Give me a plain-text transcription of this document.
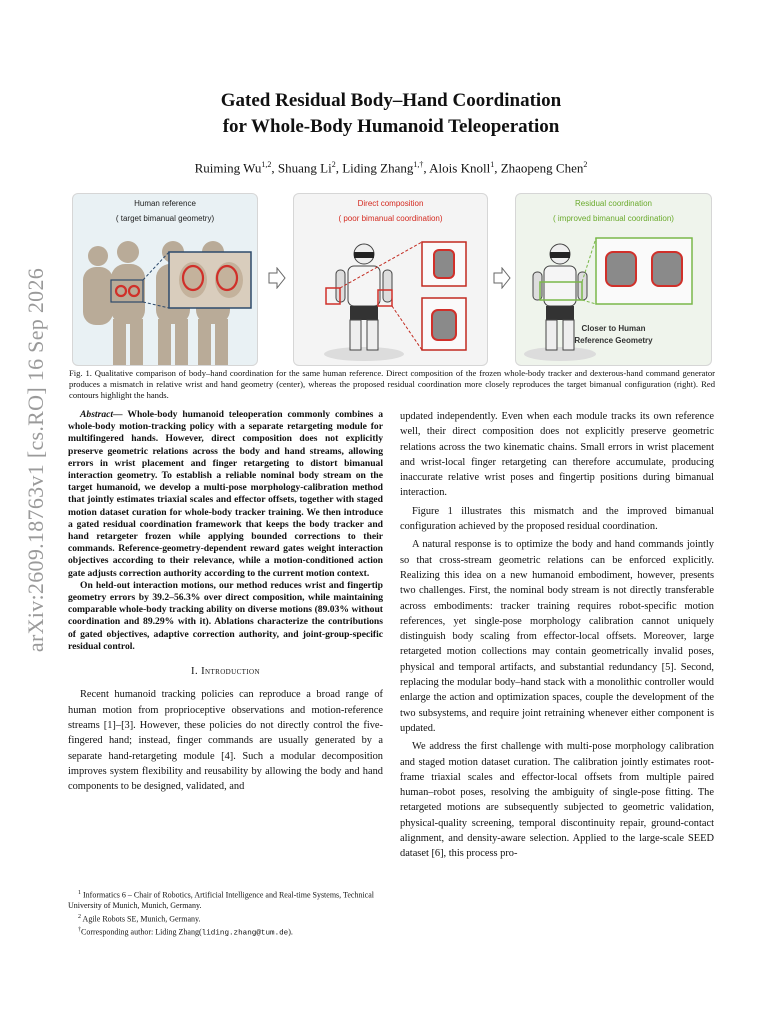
arXiv:2609.18763v1 [cs.RO] 16 Sep 2026
Gated Residual Body–Hand Coordination
for Whole-Body Humanoid Teleoperation
Ruiming Wu$^{1,2}$, Shuang Li$^2$, Liding Zhang$^{1,\dagger}$, Alois Knoll$^1$, Zhaopeng Chen$^2$
Human reference
( target bimanual geometry)
Direct composition
( poor bimanual coordination)
Residual coordination
( improved bimanual coordination)
Closer to Human
Reference Geometry
Fig. 1. Qualitative comparison of body–hand coordination for the same human reference. Direct composition of the frozen whole-body tracker and dexterous-hand command generator produces a mismatch in relative wrist and hand geometry (center), whereas the proposed residual coordination more closely reproduces the target bimanual configuration (right). Red contours highlight the hands.

Abstract— Whole-body humanoid teleoperation commonly combines a whole-body motion-tracking policy with a separate retargeting module for multifingered hands. However, direct composition does not explicitly preserve geometric relations across the body and hand streams, allowing errors in wrist placement and finger retargeting to distort bimanual interaction geometry. To establish a reliable nominal body stream on the target humanoid, we develop a multi-pose morphology-calibration method that jointly estimates triaxial scales and effector offsets, together with staged motion dataset curation for whole-body tracker training. We then introduce a gated residual coordination framework that keeps the body tracker and hand retargeter frozen while applying bounded corrections to their commands. Reference-geometry-dependent reward gates weight interaction objectives according to their relevance, while a motion-conditioned action gate adjusts correction authority according to the current motion context.

On held-out interaction motions, our method reduces wrist and fingertip geometry errors by 39.2–56.3% over direct composition, while maintaining comparable whole-body tracking ability on diverse motions (89.03% without coordination and 89.29% with it). Ablations characterize the contributions of gated objectives, adaptive correction authority, and joint-group-specific residual control.

I. Introduction

Recent humanoid tracking policies can reproduce a broad range of human motion from proprioceptive observations and motion-reference streams [1]–[3]. However, these policies do not directly control the five-fingered hand; instead, finger commands are usually generated by a separate hand-retargeting module [4]. Such a modular decomposition improves system flexibility and reusability by allowing the body and hand components to be designed, validated, and

$^1$ Informatics 6 – Chair of Robotics, Artificial Intelligence and Real-time Systems, Technical University of Munich, Munich, Germany.
$^2$ Agile Robots SE, Munich, Germany.
†Corresponding author: Liding Zhang(liding.zhang@tum.de).

updated independently. Even when each module tracks its own reference well, their direct composition does not explicitly preserve geometric relations across the two kinematic chains. Small errors in wrist placement and wrist-local finger retargeting can therefore accumulate, producing inaccurate relative wrist poses and fingertip positions during bimanual interaction.

Figure 1 illustrates this mismatch and the improved bimanual configuration achieved by the proposed residual coordination.

A natural response is to optimize the body and hand commands jointly so that cross-stream geometric relations can be enforced explicitly. Realizing this idea on a new humanoid embodiment, however, presents two challenges. First, the nominal body stream is not directly transferable across embodiments: tracker training requires robot-specific motion references, yet single-pose morphology calibration cannot uniquely distinguish body scaling from effector-local offsets. Moreover, large retargeted motion collections may contain geometrically invalid poses, physical and temporal artifacts, and substantial redundancy [5]. Second, replacing the modular body–hand stack with a monolithic controller would enlarge the action and optimization spaces, couple the development of the two subsystems, and require joint retraining whenever either component is updated.

We address the first challenge with multi-pose morphology calibration and staged motion dataset curation. The calibration jointly estimates root-frame triaxial scales and effector-local offsets from multiple paired human–robot poses, resolving the ambiguity of single-pose fitting. The retargeted motions are subsequently subjected to geometric validation, physical-quality screening, temporal discontinuity repair, ground-contact alignment, and density-aware selection. Applied to the large-scale SEED dataset [6], this process pro-
